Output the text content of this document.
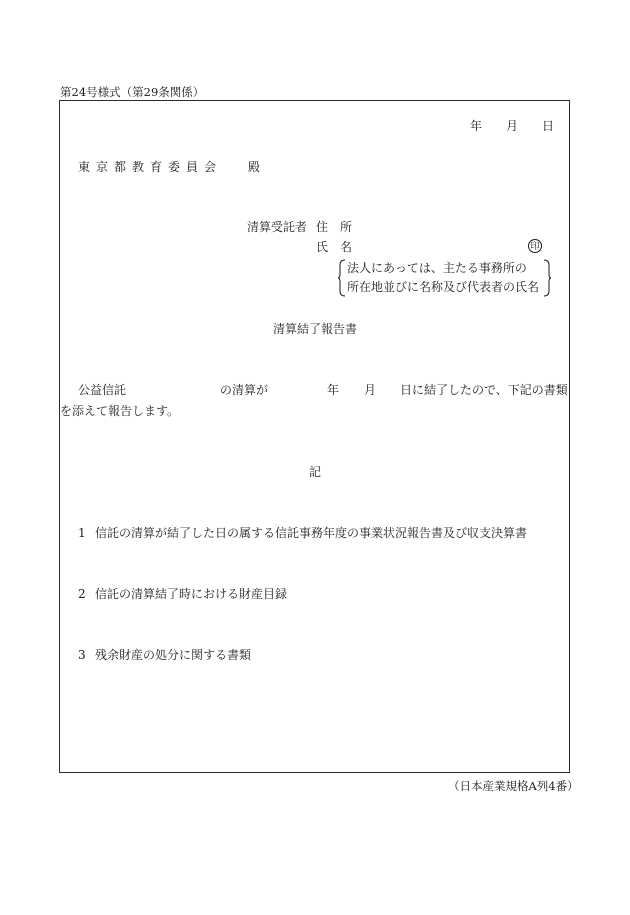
第24号様式（第29条関係）
年 月 日
東京都教育委員会 殿
清算受託者 住　所
氏　名	印
法人にあっては、主たる事務所の
所在地並びに名称及び代表者の氏名
清算結了報告書
公益信託	の清算が	年 月 日に結了したので、下記の書類
を添えて報告します。
記
1 信託の清算が結了した日の属する信託事務年度の事業状況報告書及び収支決算書
2 信託の清算結了時における財産目録
3 残余財産の処分に関する書類
（日本産業規格A列4番）
